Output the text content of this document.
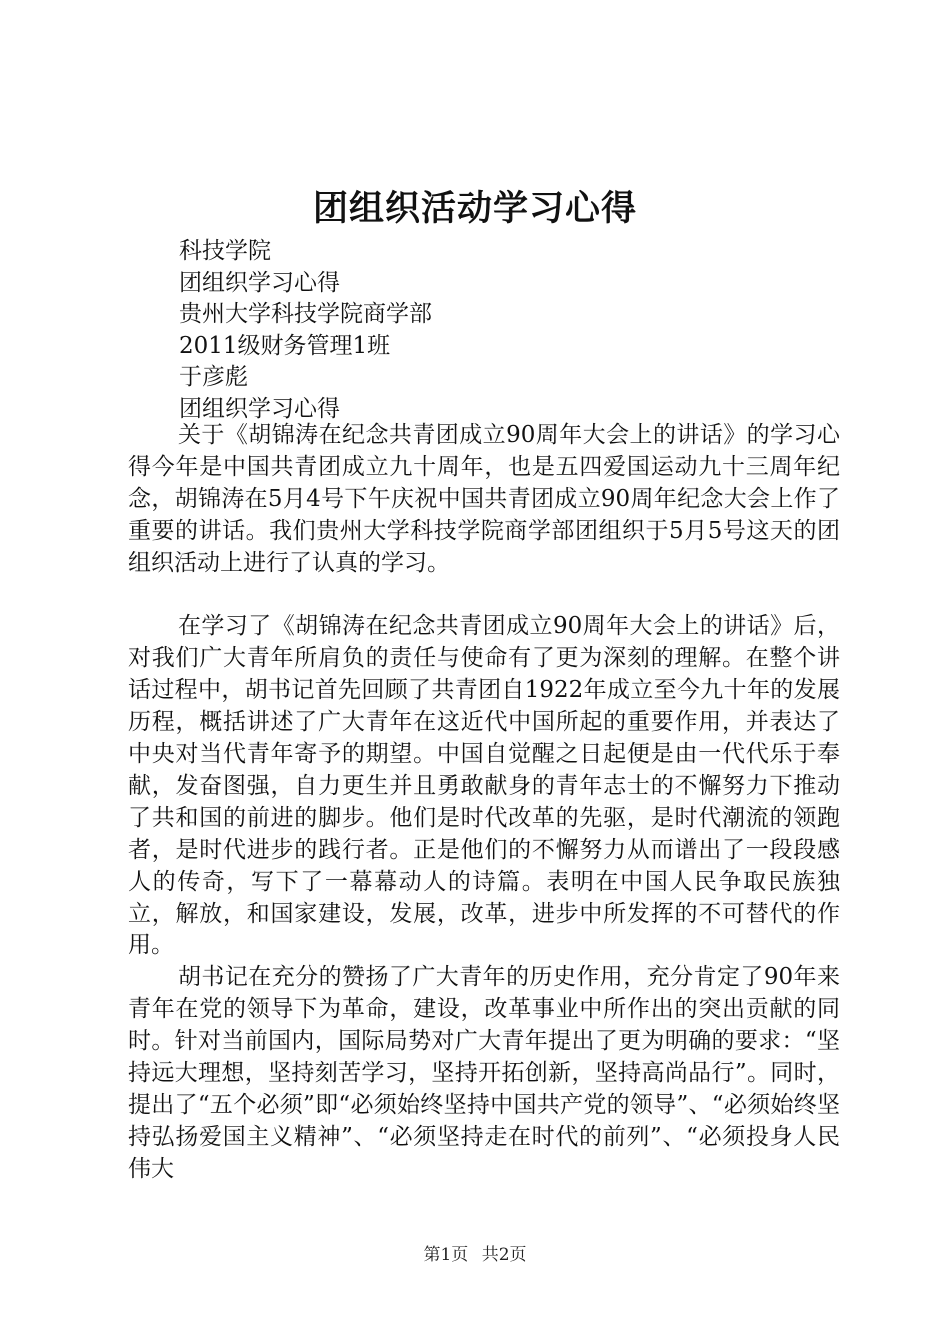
团组织活动学习心得
科技学院
团组织学习心得
贵州大学科技学院商学部
2011级财务管理1班
于彦彪
团组织学习心得

关于《胡锦涛在纪念共青团成立90周年大会上的讲话》的学习心得今年是中国共青团成立九十周年，也是五四爱国运动九十三周年纪念，胡锦涛在5月4号下午庆祝中国共青团成立90周年纪念大会上作了重要的讲话。我们贵州大学科技学院商学部团组织于5月5号这天的团组织活动上进行了认真的学习。

在学习了《胡锦涛在纪念共青团成立90周年大会上的讲话》后，对我们广大青年所肩负的责任与使命有了更为深刻的理解。在整个讲话过程中，胡书记首先回顾了共青团自1922年成立至今九十年的发展历程，概括讲述了广大青年在这近代中国所起的重要作用，并表达了中央对当代青年寄予的期望。中国自觉醒之日起便是由一代代乐于奉献，发奋图强，自力更生并且勇敢献身的青年志士的不懈努力下推动了共和国的前进的脚步。他们是时代改革的先驱，是时代潮流的领跑者，是时代进步的践行者。正是他们的不懈努力从而谱出了一段段感人的传奇，写下了一幕幕动人的诗篇。表明在中国人民争取民族独立，解放，和国家建设，发展，改革，进步中所发挥的不可替代的作用。

胡书记在充分的赞扬了广大青年的历史作用，充分肯定了90年来青年在党的领导下为革命，建设，改革事业中所作出的突出贡献的同时。针对当前国内，国际局势对广大青年提出了更为明确的要求：“坚持远大理想，坚持刻苦学习，坚持开拓创新，坚持高尚品行”。同时，提出了“五个必须”即“必须始终坚持中国共产党的领导”、“必须始终坚持弘扬爱国主义精神”、“必须坚持走在时代的前列”、“必须投身人民伟大

第1页 共2页
